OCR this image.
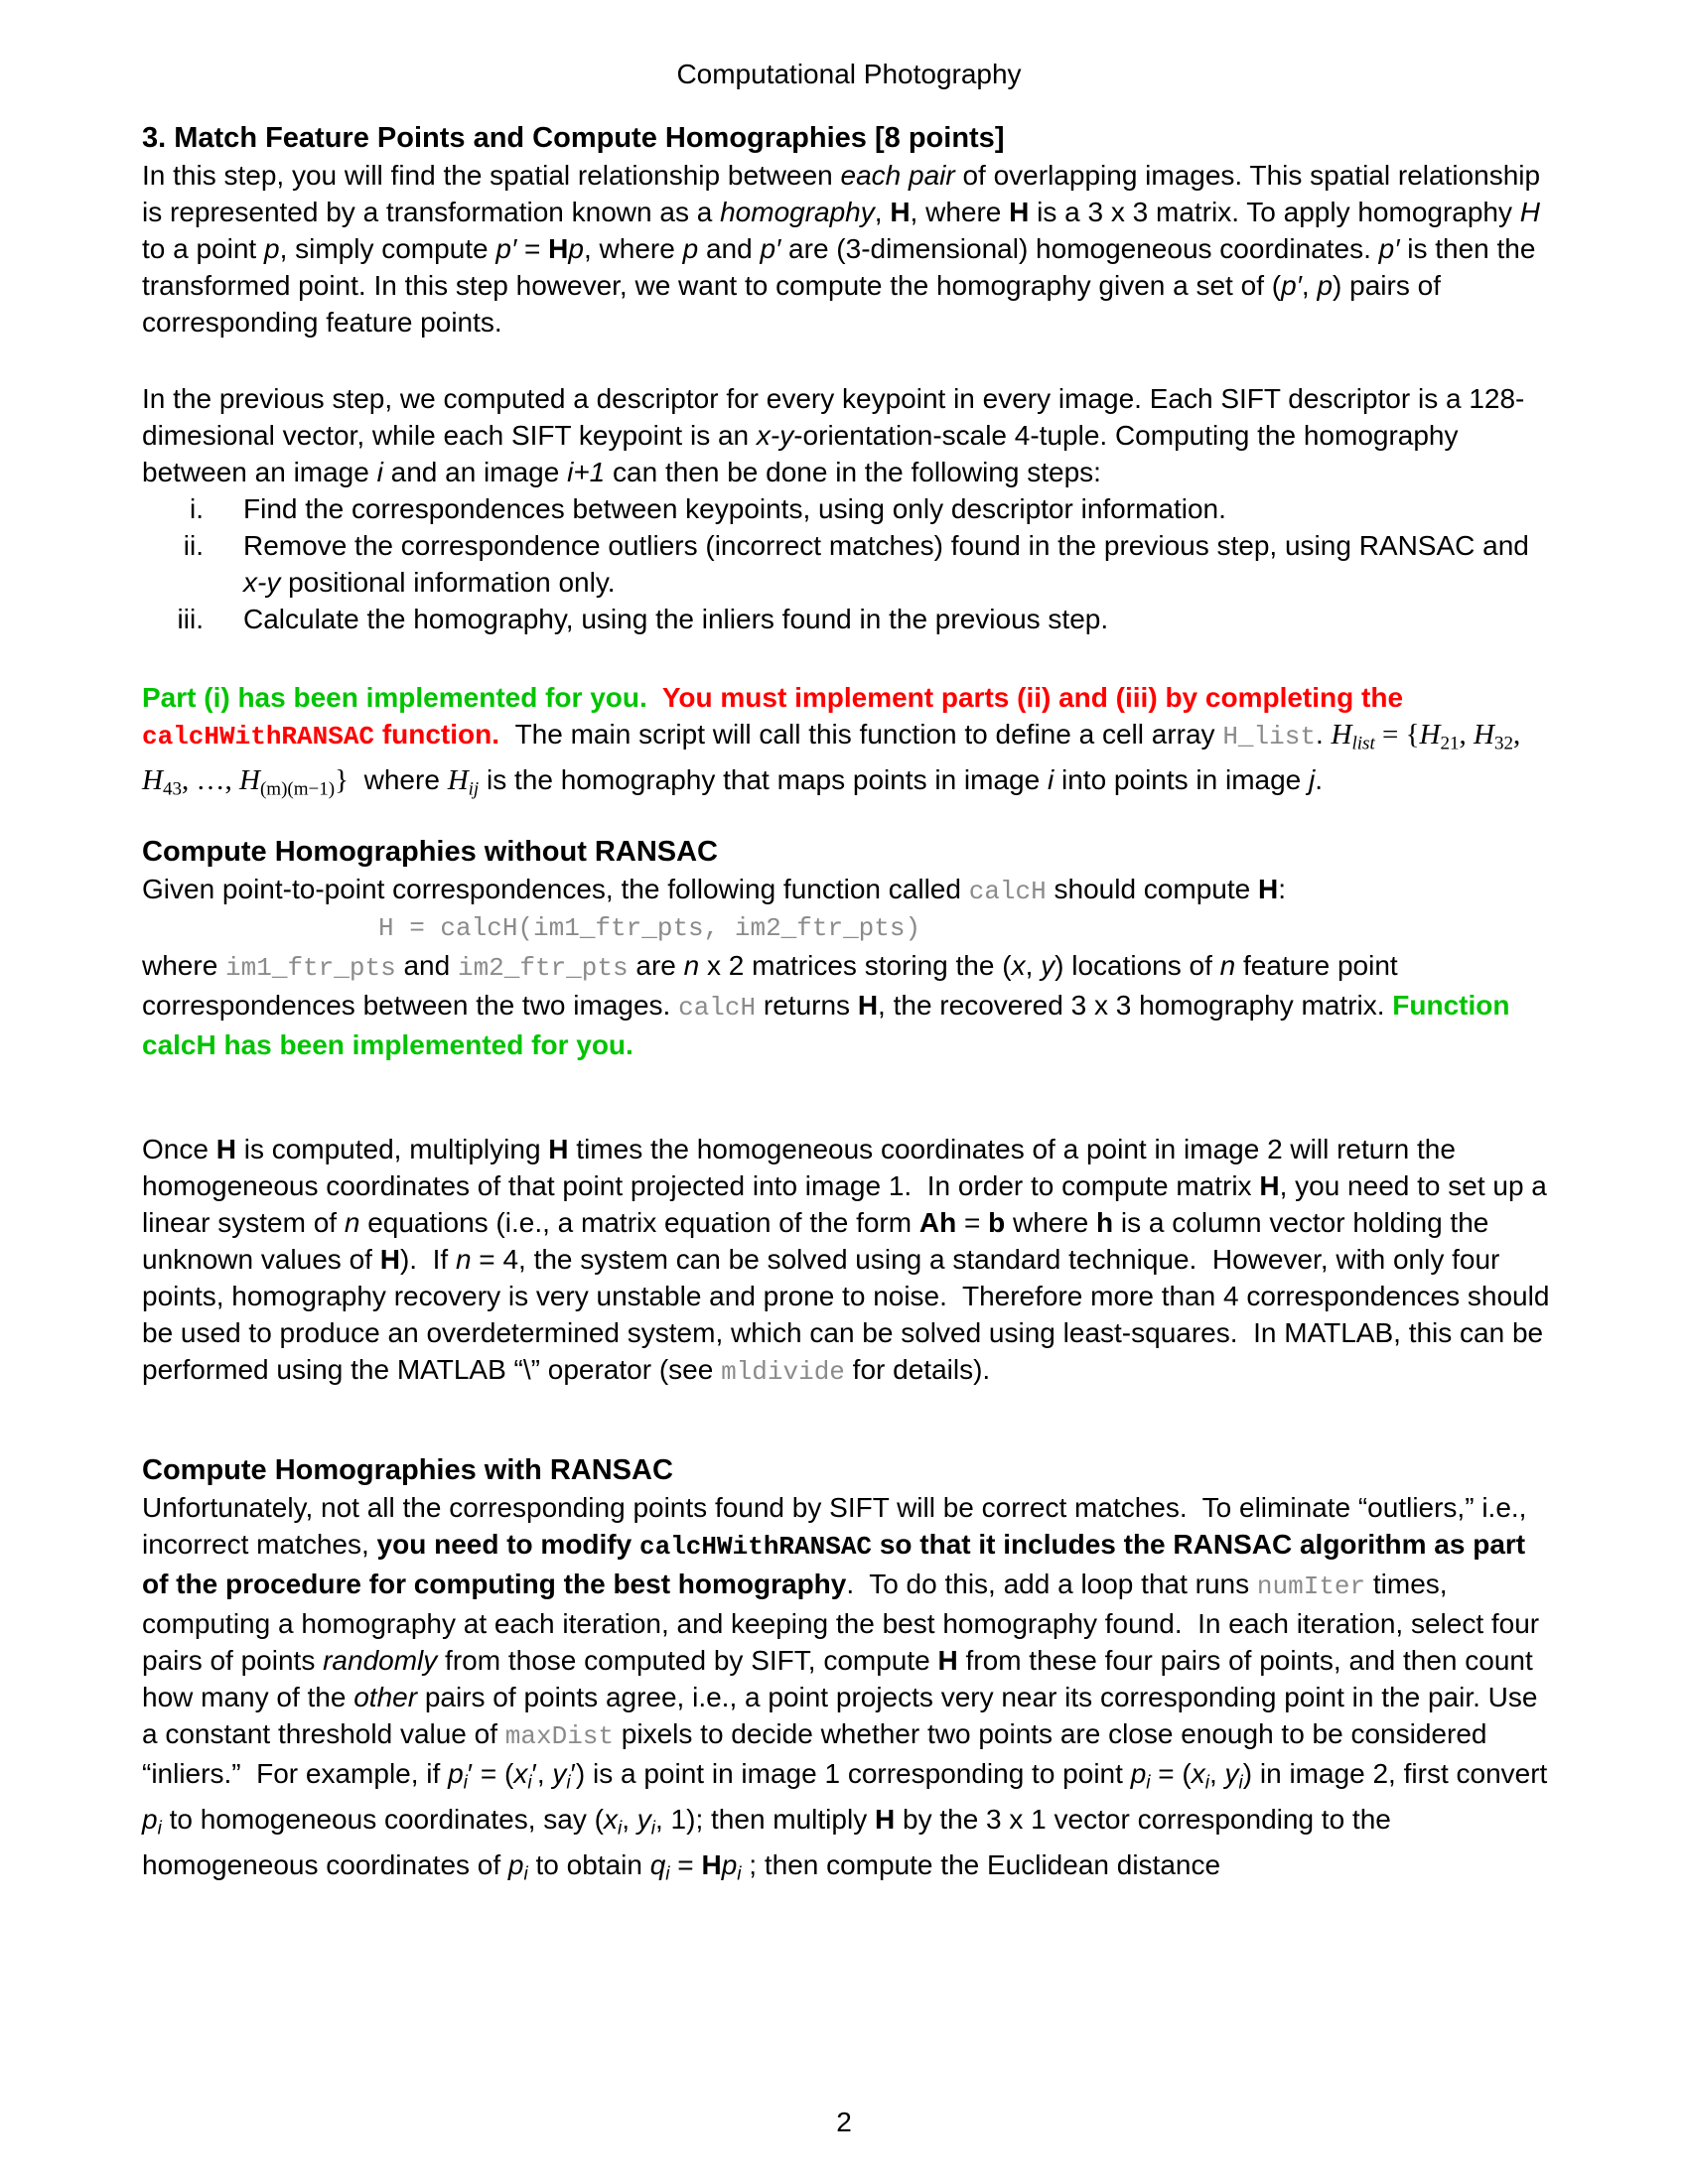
Computational Photography
3. Match Feature Points and Compute Homographies [8 points]
In this step, you will find the spatial relationship between each pair of overlapping images. This spatial relationship is represented by a transformation known as a homography, H, where H is a 3 x 3 matrix. To apply homography H to a point p, simply compute p′ = Hp, where p and p′ are (3-dimensional) homogeneous coordinates. p′ is then the transformed point. In this step however, we want to compute the homography given a set of (p′, p) pairs of corresponding feature points.
In the previous step, we computed a descriptor for every keypoint in every image. Each SIFT descriptor is a 128-dimesional vector, while each SIFT keypoint is an x-y-orientation-scale 4-tuple. Computing the homography between an image i and an image i+1 can then be done in the following steps:
i. Find the correspondences between keypoints, using only descriptor information.
ii. Remove the correspondence outliers (incorrect matches) found in the previous step, using RANSAC and x-y positional information only.
iii. Calculate the homography, using the inliers found in the previous step.
Part (i) has been implemented for you.  You must implement parts (ii) and (iii) by completing the calcHWithRANSAC function.  The main script will call this function to define a cell array H_list. $H_{list} = \{H_{21}$, $H_{32}$, $H_{43}$, …, $H_{(m)(m-1)}$}  where $H_{ij}$ is the homography that maps points in image i into points in image j.
Compute Homographies without RANSAC
Given point-to-point correspondences, the following function called calcH should compute H:
H = calcH(im1_ftr_pts, im2_ftr_pts)
where im1_ftr_pts and im2_ftr_pts are n x 2 matrices storing the (x, y) locations of n feature point correspondences between the two images. calcH returns H, the recovered 3 x 3 homography matrix. Function calcH has been implemented for you.
Once H is computed, multiplying H times the homogeneous coordinates of a point in image 2 will return the homogeneous coordinates of that point projected into image 1.  In order to compute matrix H, you need to set up a linear system of n equations (i.e., a matrix equation of the form Ah = b where h is a column vector holding the unknown values of H).  If n = 4, the system can be solved using a standard technique.  However, with only four points, homography recovery is very unstable and prone to noise.  Therefore more than 4 correspondences should be used to produce an overdetermined system, which can be solved using least-squares.  In MATLAB, this can be performed using the MATLAB “\” operator (see mldivide for details).
Compute Homographies with RANSAC
Unfortunately, not all the corresponding points found by SIFT will be correct matches.  To eliminate “outliers,” i.e., incorrect matches, you need to modify calcHWithRANSAC so that it includes the RANSAC algorithm as part of the procedure for computing the best homography.  To do this, add a loop that runs numIter times, computing a homography at each iteration, and keeping the best homography found.  In each iteration, select four pairs of points randomly from those computed by SIFT, compute H from these four pairs of points, and then count how many of the other pairs of points agree, i.e., a point projects very near its corresponding point in the pair. Use a constant threshold value of maxDist pixels to decide whether two points are close enough to be considered “inliers.”  For example, if $p_i' = (x_i'$, $y_i'$) is a point in image 1 corresponding to point $p_i = (x_i$, $y_i$) in image 2, first convert $p_i$ to homogeneous coordinates, say ($x_i$, $y_i$, 1); then multiply H by the 3 x 1 vector corresponding to the homogeneous coordinates of $p_i$ to obtain $q_i = Hp_i$ ; then compute the Euclidean distance
2
